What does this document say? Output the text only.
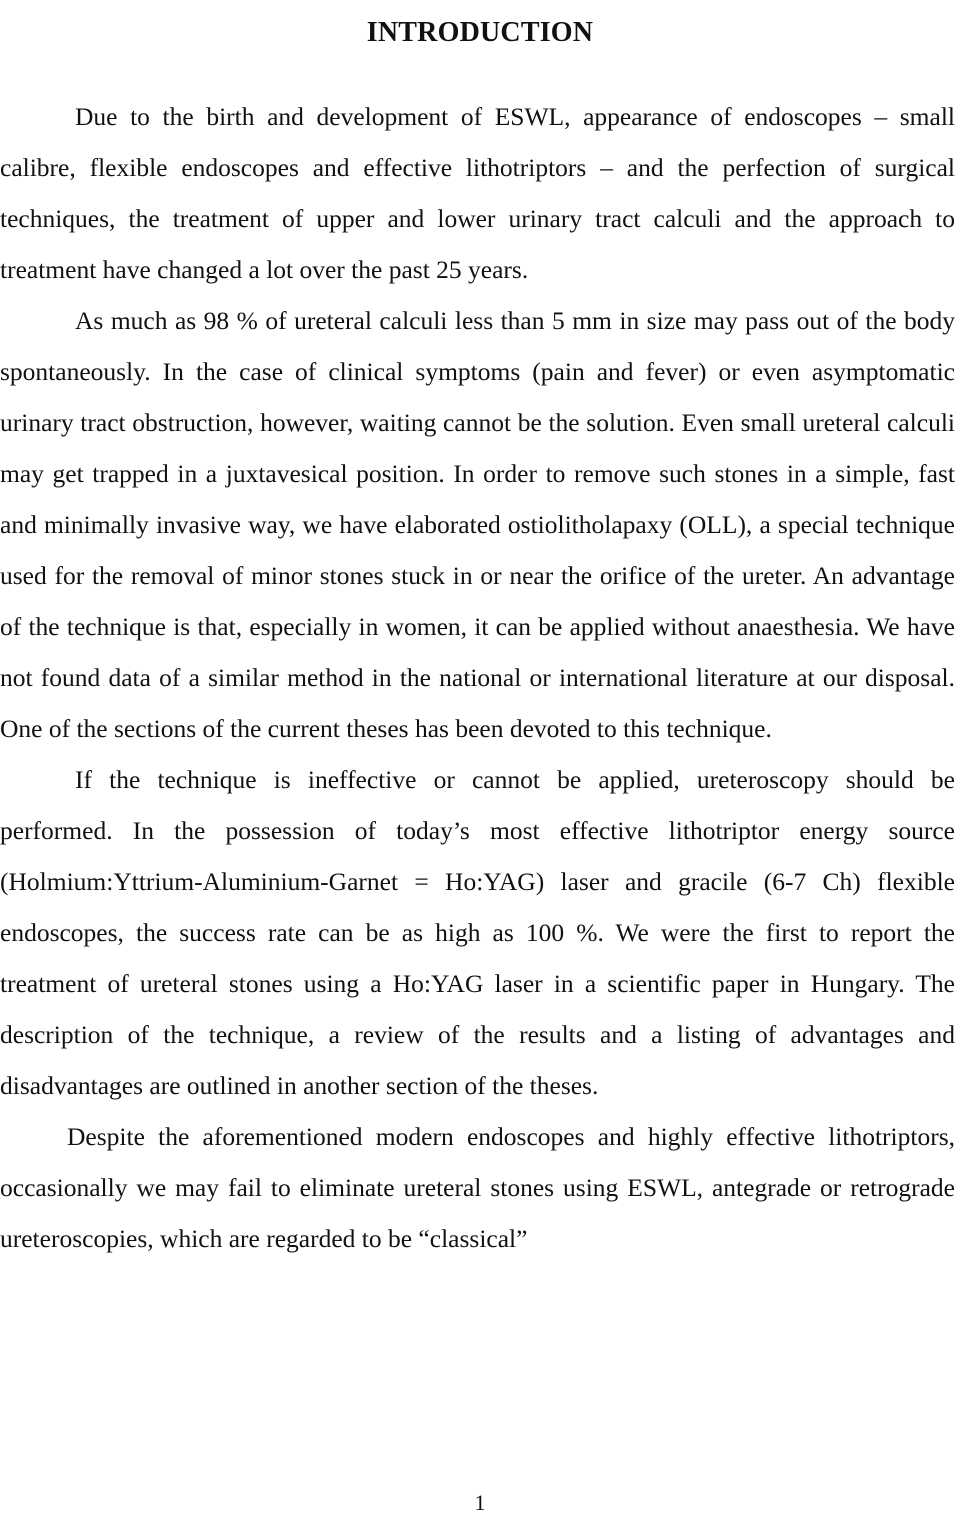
INTRODUCTION

Due to the birth and development of ESWL, appearance of endoscopes – small calibre, flexible endoscopes and effective lithotriptors – and the perfection of surgical techniques, the treatment of upper and lower urinary tract calculi and the approach to treatment have changed a lot over the past 25 years.

As much as 98 % of ureteral calculi less than 5 mm in size may pass out of the body spontaneously. In the case of clinical symptoms (pain and fever) or even asymptomatic urinary tract obstruction, however, waiting cannot be the solution. Even small ureteral calculi may get trapped in a juxtavesical position. In order to remove such stones in a simple, fast and minimally invasive way, we have elaborated ostiolitholapaxy (OLL), a special technique used for the removal of minor stones stuck in or near the orifice of the ureter. An advantage of the technique is that, especially in women, it can be applied without anaesthesia. We have not found data of a similar method in the national or international literature at our disposal. One of the sections of the current theses has been devoted to this technique.

If the technique is ineffective or cannot be applied, ureteroscopy should be performed. In the possession of today’s most effective lithotriptor energy source (Holmium:Yttrium-Aluminium-Garnet = Ho:YAG) laser and gracile (6-7 Ch) flexible endoscopes, the success rate can be as high as 100 %. We were the first to report the treatment of ureteral stones using a Ho:YAG laser in a scientific paper in Hungary. The description of the technique, a review of the results and a listing of advantages and disadvantages are outlined in another section of the theses.

Despite the aforementioned modern endoscopes and highly effective lithotriptors, occasionally we may fail to eliminate ureteral stones using ESWL, antegrade or retrograde ureteroscopies, which are regarded to be “classical”

1
